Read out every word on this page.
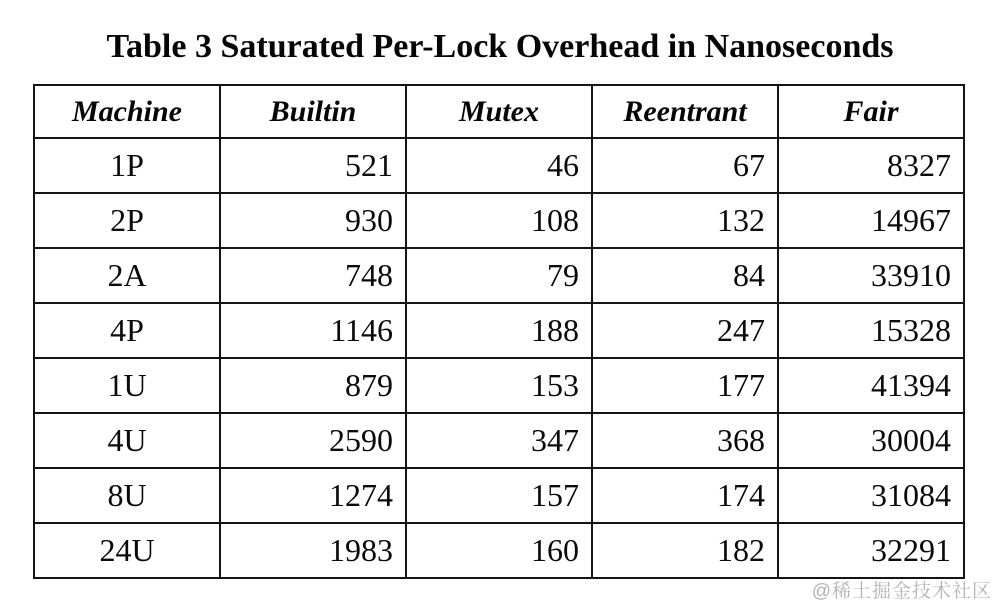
Table 3 Saturated Per-Lock Overhead in Nanoseconds
Machine	Builtin	Mutex	Reentrant	Fair
1P	521	46	67	8327
2P	930	108	132	14967
2A	748	79	84	33910
4P	1146	188	247	15328
1U	879	153	177	41394
4U	2590	347	368	30004
8U	1274	157	174	31084
24U	1983	160	182	32291
@稀土掘金技术社区
